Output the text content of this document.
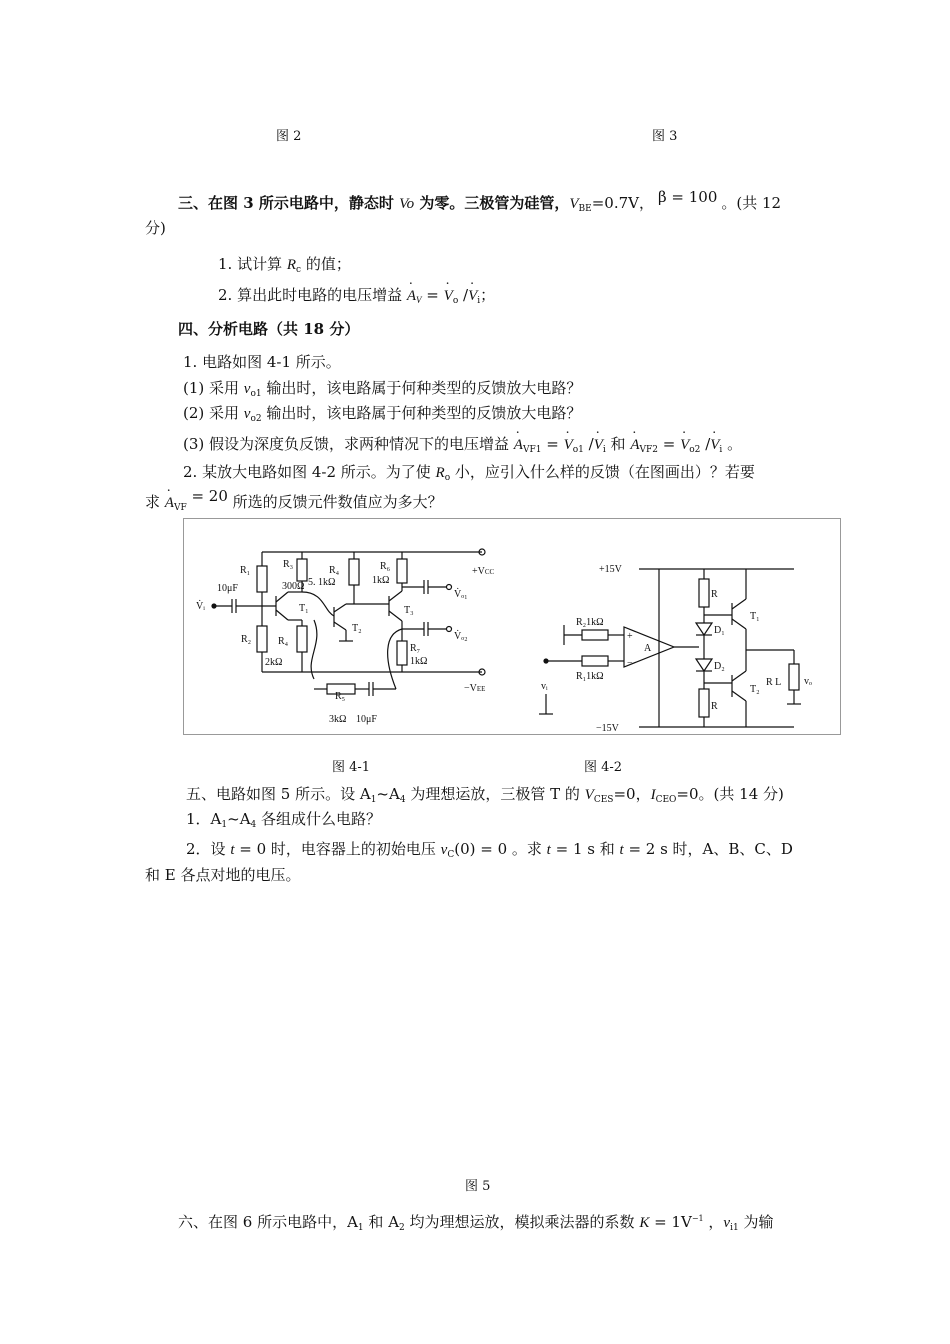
图 2	图 3
三、在图 3 所示电路中，静态时 Vo 为零。三极管为硅管，$V_{BE}=0.7V$， β = 100 。(共 12
分)
1. 试计算 $R_c$ 的值；
2. 算出此时电路的电压增益 · $A_V$ = · $V_o /\cdot V_i$；
四、分析电路（共 18 分）
1. 电路如图 4-1 所示。
(1) 采用 $v_{o1}$ 输出时，该电路属于何种类型的反馈放大电路？
(2) 采用 $v_{o2}$ 输出时，该电路属于何种类型的反馈放大电路？
(3) 假设为深度负反馈，求两种情况下的电压增益 · $A_{VF1}$ = · $V_{o1} /\cdot V_i$ 和 · $A_{VF2}$ = · $V_{o2} /\cdot V_i$ 。
2. 某放大电路如图 4-2 所示。为了使 $R_o$ 小，应引入什么样的反馈（在图画出）？若要
求 · $A_{VF} = 20$ 所选的反馈元件数值应为多大？
R₁
R₂
R₃
300Ω
R₄
5. 1kΩ
R₄
2kΩ
R₅
3kΩ
R₆
1kΩ
R₇
1kΩ
10μF
10μF
T₁
T₂
T₃
V̇ᵢ
V̇ₒ₁
V̇ₒ₂
+VCC
−VEE
+15V
−15V
R₂1kΩ
R₁1kΩ
A
+
−
R
R
D₁
D₂
T₁
T₂
R L vₒ
vᵢ
图 4-1	图 4-2
五、电路如图 5 所示。设 $A_1\sim A_4$ 为理想运放，三极管 T 的 $V_{CES}=0$，$I_{CEO}=0$。(共 14 分)
1．$A_1\sim A_4$ 各组成什么电路？
2．设 t = 0 时，电容器上的初始电压 $v_C(0) = 0$ 。求 t = 1 s 和 t = 2 s 时，A、B、C、D
和 E 各点对地的电压。
图 5
六、在图 6 所示电路中，$A_1$ 和 $A_2$ 均为理想运放，模拟乘法器的系数 $K = 1V^{-1}$ ，$v_{i1}$ 为输
